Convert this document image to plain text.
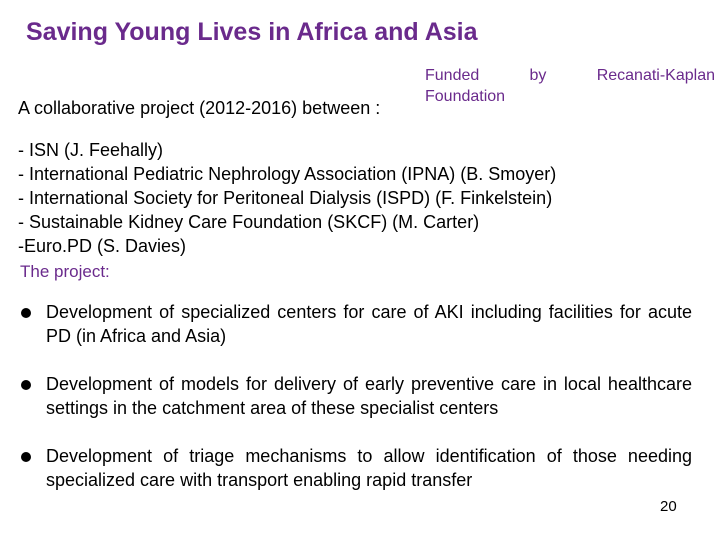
Saving Young Lives in Africa and Asia
Funded	by	Recanati-Kaplan
Foundation
A collaborative project (2012-2016) between :
- ISN (J. Feehally)
- International Pediatric Nephrology Association (IPNA) (B. Smoyer)
- International Society for Peritoneal Dialysis (ISPD) (F. Finkelstein)
- Sustainable Kidney Care Foundation (SKCF) (M. Carter)
-Euro.PD (S. Davies)
The project:
Development of specialized centers for care of AKI including facilities for acute PD (in Africa and Asia)
Development of models for delivery of early preventive care in local healthcare settings in the catchment area of these specialist centers
Development of triage mechanisms to allow identification of those needing specialized care with transport enabling rapid transfer
20
